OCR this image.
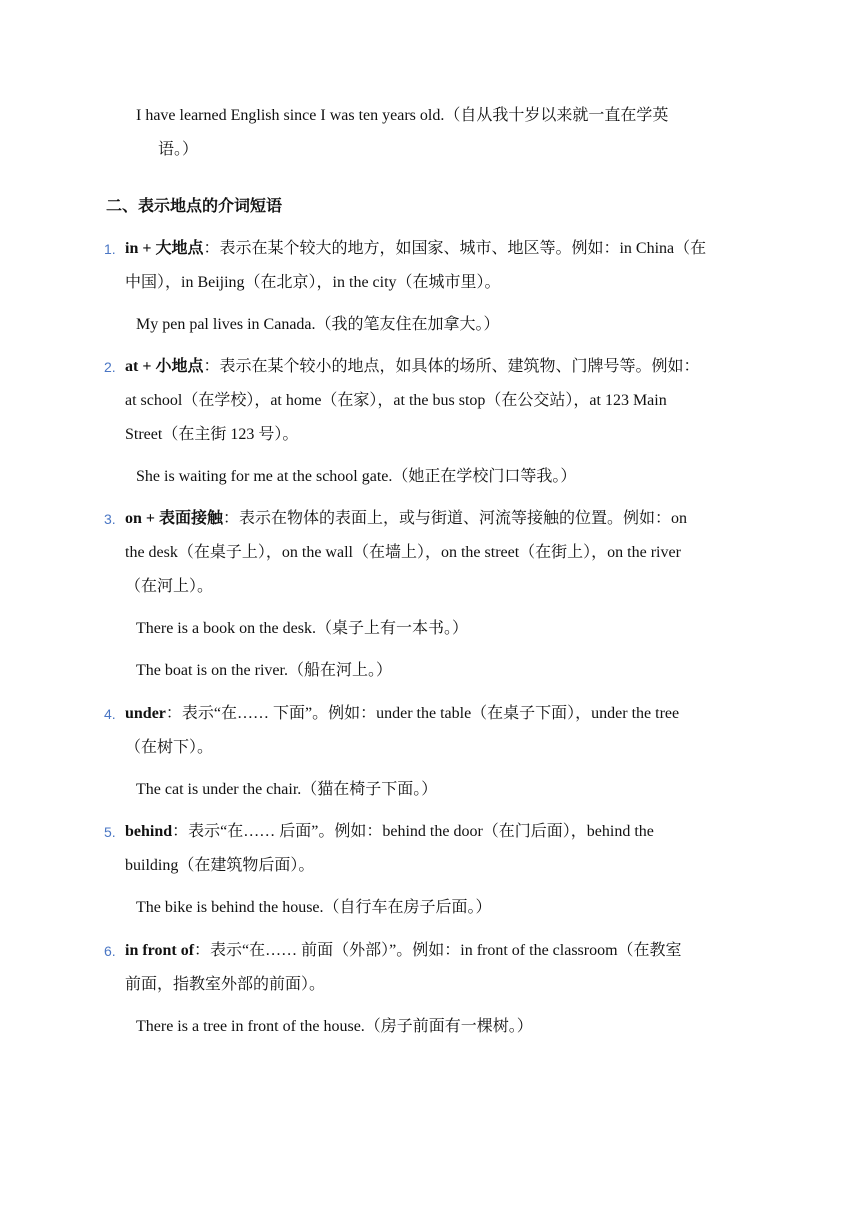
I have learned English since I was ten years old.（自从我十岁以来就一直在学英

语。）
二、表示地点的介词短语
1. in + 大地点：表示在某个较大的地方，如国家、城市、地区等。例如：in China（在
中国），in Beijing（在北京），in the city（在城市里）。
My pen pal lives in Canada.（我的笔友住在加拿大。）
2. at + 小地点：表示在某个较小的地点，如具体的场所、建筑物、门牌号等。例如：
at school（在学校），at home（在家），at the bus stop（在公交站），at 123 Main
Street（在主街 123 号）。
She is waiting for me at the school gate.（她正在学校门口等我。）
3. on + 表面接触：表示在物体的表面上，或与街道、河流等接触的位置。例如：on
the desk（在桌子上），on the wall（在墙上），on the street（在街上），on the river
（在河上）。
There is a book on the desk.（桌子上有一本书。）
The boat is on the river.（船在河上。）
4. under：表示“在…… 下面”。例如：under the table（在桌子下面），under the tree
（在树下）。
The cat is under the chair.（猫在椅子下面。）
5. behind：表示“在…… 后面”。例如：behind the door（在门后面），behind the
building（在建筑物后面）。
The bike is behind the house.（自行车在房子后面。）
6. in front of：表示“在…… 前面（外部）”。例如：in front of the classroom（在教室
前面，指教室外部的前面）。
There is a tree in front of the house.（房子前面有一棵树。）
